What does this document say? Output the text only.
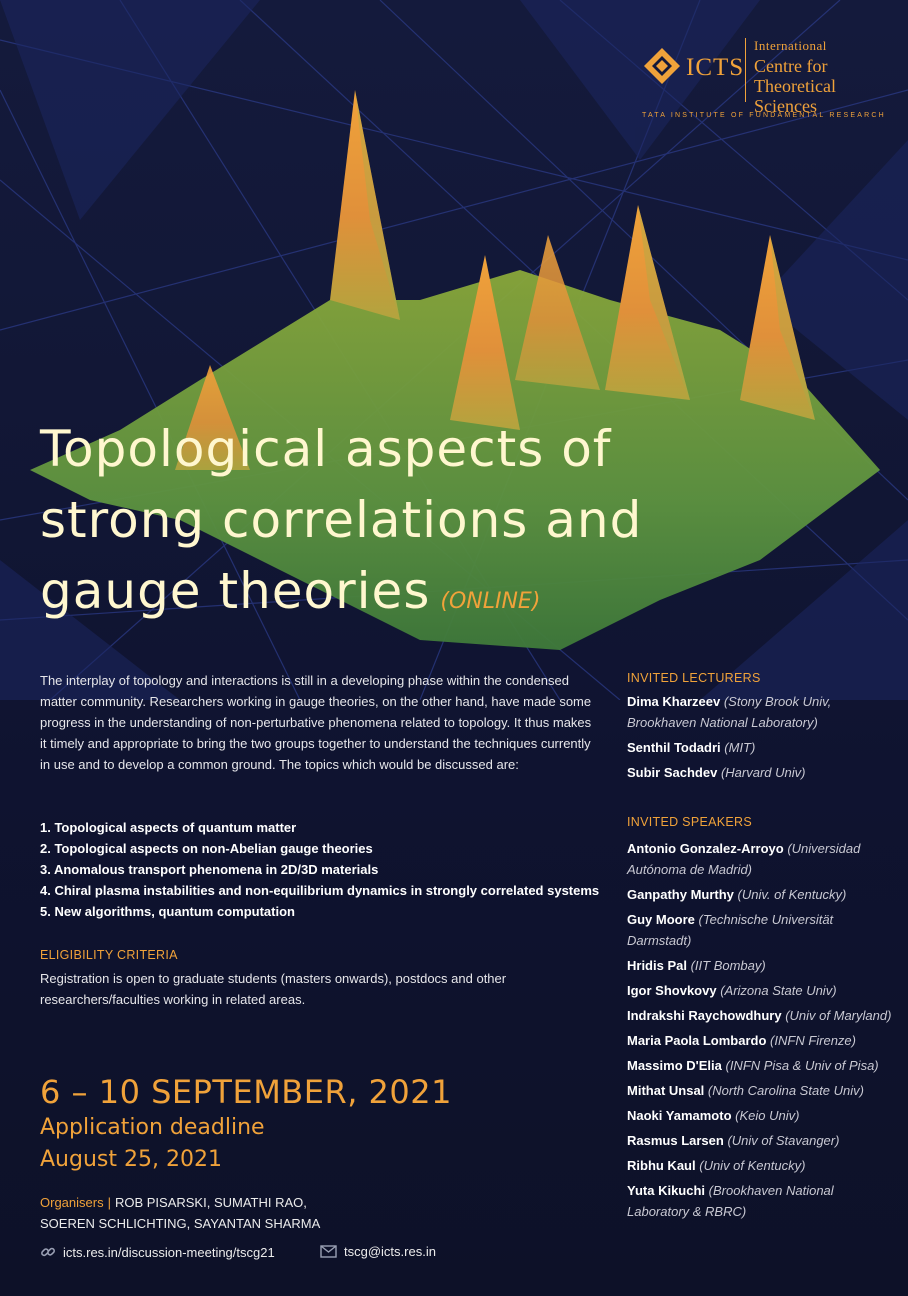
ICTS
International
Centre for
Theoretical
Sciences
TATA INSTITUTE OF FUNDAMENTAL RESEARCH
Topological aspects of
strong correlations and
gauge theories (ONLINE)

The interplay of topology and interactions is still in a developing phase within the condensed matter community. Researchers working in gauge theories, on the other hand, have made some progress in the understanding of non-perturbative phenomena related to topology. It thus makes it timely and appropriate to bring the two groups together to understand the techniques currently in use and to develop a common ground. The topics which would be discussed are:

1. Topological aspects of quantum matter
2. Topological aspects on non-Abelian gauge theories
3. Anomalous transport phenomena in 2D/3D materials
4. Chiral plasma instabilities and non-equilibrium dynamics in strongly correlated systems
5. New algorithms, quantum computation
ELIGIBILITY CRITERIA

Registration is open to graduate students (masters onwards), postdocs and other researchers/faculties working in related areas.

6 – 10 SEPTEMBER, 2021
Application deadline
August 25, 2021
Organisers | ROB PISARSKI, SUMATHI RAO, SOEREN SCHLICHTING, SAYANTAN SHARMA
icts.res.in/discussion-meeting/tscg21	tscg@icts.res.in
INVITED LECTURERS
Dima Kharzeev (Stony Brook Univ, Brookhaven National Laboratory)
Senthil Todadri (MIT)
Subir Sachdev (Harvard Univ)
INVITED SPEAKERS
Antonio Gonzalez-Arroyo (Universidad Autónoma de Madrid)
Ganpathy Murthy (Univ. of Kentucky)
Guy Moore (Technische Universität Darmstadt)
Hridis Pal (IIT Bombay)
Igor Shovkovy (Arizona State Univ)
Indrakshi Raychowdhury (Univ of Maryland)
Maria Paola Lombardo (INFN Firenze)
Massimo D'Elia (INFN Pisa & Univ of Pisa)
Mithat Unsal (North Carolina State Univ)
Naoki Yamamoto (Keio Univ)
Rasmus Larsen (Univ of Stavanger)
Ribhu Kaul (Univ of Kentucky)
Yuta Kikuchi (Brookhaven National Laboratory & RBRC)
